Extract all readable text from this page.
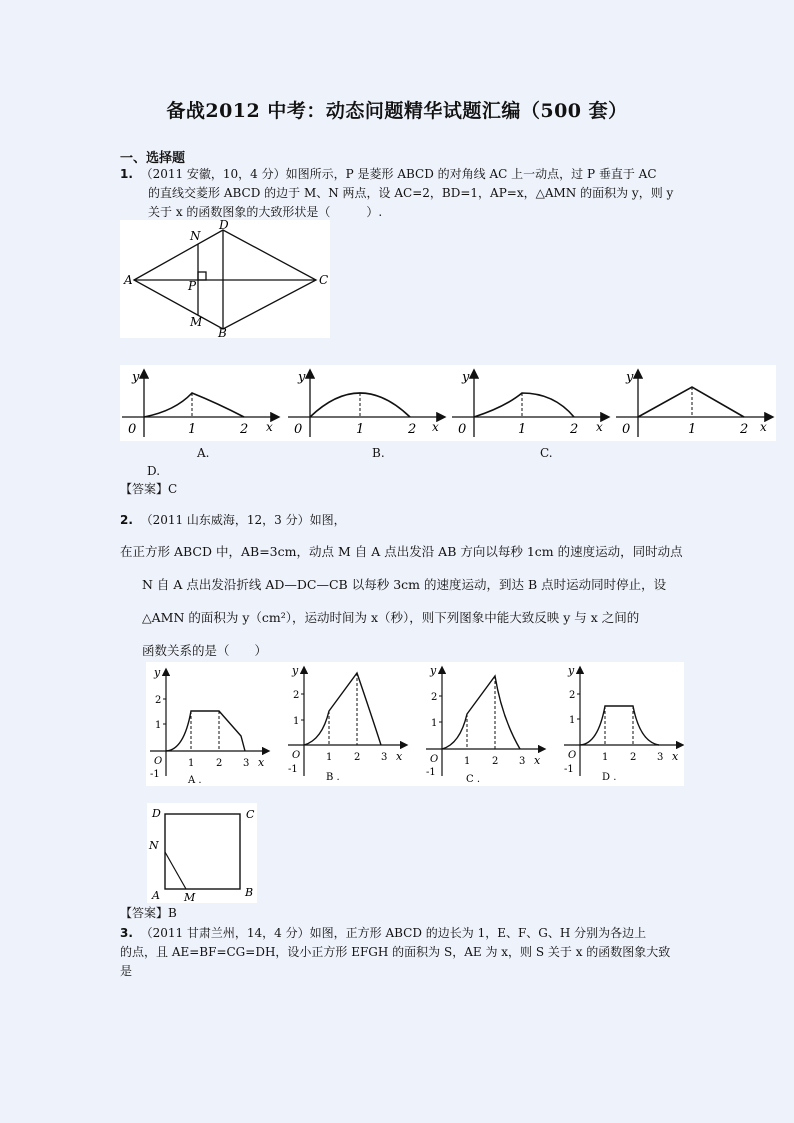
备战2012 中考：动态问题精华试题汇编（500 套）
一、选择题
1. （2011 安徽，10，4 分）如图所示，P 是菱形 ABCD 的对角线 AC 上一动点，过 P 垂直于 AC
的直线交菱形 ABCD 的边于 M、N 两点，设 AC=2，BD=1，AP=x，△AMN 的面积为 y，则 y
关于 x 的函数图象的大致形状是（　　　）.
A
D
C
B
N
P
M
y
0	1	2 x
y
0	1	2 x
y
0	1	2 x
y
0	1	2 x
A.	B.	C.
D.
【答案】C
2. （2011 山东威海，12，3 分）如图，
在正方形 ABCD 中，AB=3cm，动点 M 自 A 点出发沿 AB 方向以每秒 1cm 的速度运动，同时动点
N 自 A 点出发沿折线 AD—DC—CB 以每秒 3cm 的速度运动，到达 B 点时运动同时停止，设
△AMN 的面积为 y（cm²），运动时间为 x（秒），则下列图象中能大致反映 y 与 x 之间的
函数关系的是（　　）
y
2
1
O
-1
1 2 3 x
A .
y
2
1
O
-1
1 2 3 x
B .
y
2
1
O
-1
1 2 3 x
C .
y
2
1
O
-1
1 2 3 x
D .
D	C
N
A M	B
【答案】B
3. （2011 甘肃兰州，14，4 分）如图，正方形 ABCD 的边长为 1，E、F、G、H 分别为各边上
的点，且 AE=BF=CG=DH，设小正方形 EFGH 的面积为 S，AE 为 x，则 S 关于 x 的函数图象大致
是
